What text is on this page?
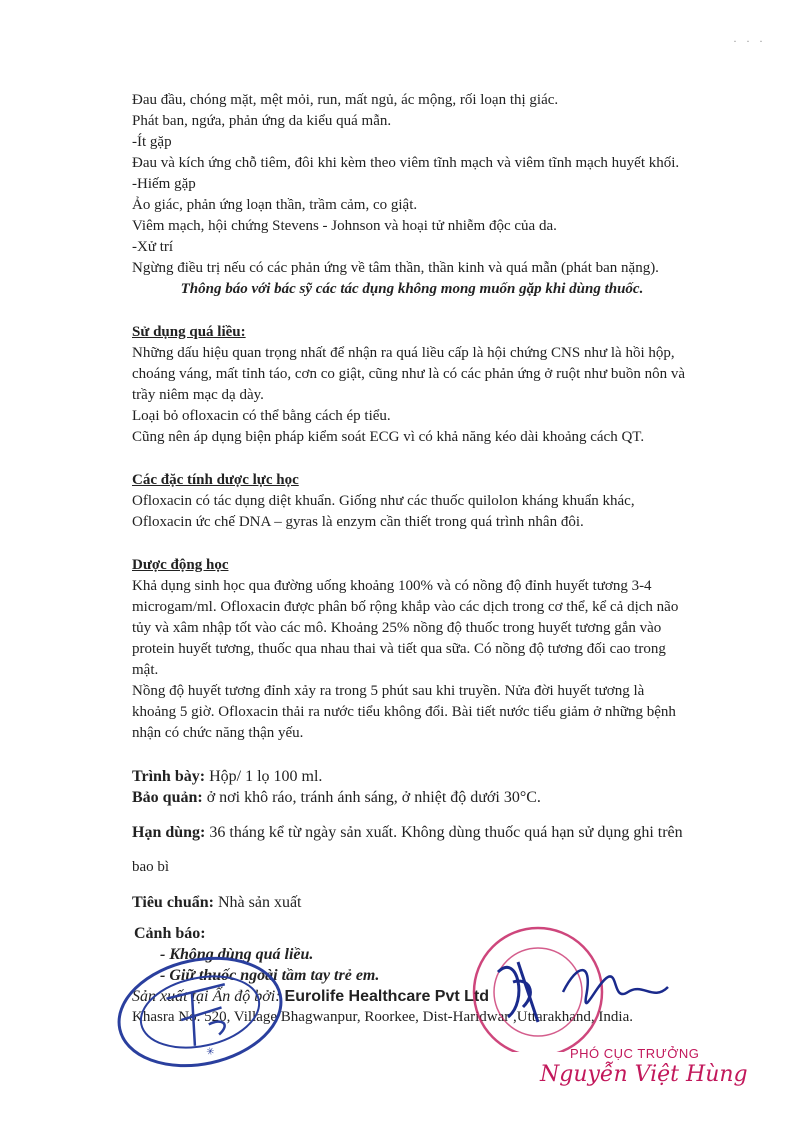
· · ·

Đau đầu, chóng mặt, mệt mỏi, run, mất ngủ, ác mộng, rối loạn thị giác.

Phát ban, ngứa, phản ứng da kiểu quá mẫn.

-Ít gặp

Đau và kích ứng chỗ tiêm, đôi khi kèm theo viêm tĩnh mạch và viêm tĩnh mạch huyết khối.

-Hiếm gặp

Ảo giác, phản ứng loạn thần, trầm cảm, co giật.

Viêm mạch, hội chứng Stevens - Johnson và hoại tử nhiễm độc của da.

-Xử trí

Ngừng điều trị nếu có các phản ứng về tâm thần, thần kinh và quá mẫn (phát ban nặng).

Thông báo với bác sỹ các tác dụng không mong muốn gặp khi dùng thuốc.

Sử dụng quá liều:

Những dấu hiệu quan trọng nhất để nhận ra quá liều cấp là hội chứng CNS như là hồi hộp, choáng váng, mất tỉnh táo, cơn co giật, cũng như là có các phản ứng ở ruột như buồn nôn và trầy niêm mạc dạ dày.

Loại bỏ ofloxacin có thể bằng cách ép tiểu.

Cũng nên áp dụng biện pháp kiểm soát ECG vì có khả năng kéo dài khoảng cách QT.

Các đặc tính dược lực học

Ofloxacin có tác dụng diệt khuẩn. Giống như các thuốc quilolon kháng khuẩn khác, Ofloxacin ức chế DNA – gyras là enzym cần thiết trong quá trình nhân đôi.

Dược động học

Khả dụng sinh học qua đường uống khoảng 100% và có nồng độ đỉnh huyết tương 3-4 microgam/ml. Ofloxacin được phân bố rộng khắp vào các dịch trong cơ thể, kể cả dịch não tủy và xâm nhập tốt vào các mô. Khoảng 25% nồng độ thuốc trong huyết tương gắn vào protein huyết tương, thuốc qua nhau thai và tiết qua sữa. Có nồng độ tương đối cao trong mật.

Nồng độ huyết tương đỉnh xảy ra trong 5 phút sau khi truyền. Nửa đời huyết tương là khoảng 5 giờ. Ofloxacin thải ra nước tiểu không đổi. Bài tiết nước tiểu giảm ở những bệnh nhận có chức năng thận yếu.

Trình bày: Hộp/ 1 lọ 100 ml.

Bảo quản: ở nơi khô ráo, tránh ánh sáng, ở nhiệt độ dưới 30°C.

Hạn dùng: 36 tháng kể từ ngày sản xuất. Không dùng thuốc quá hạn sử dụng ghi trên

bao bì

Tiêu chuẩn: Nhà sản xuất

Cảnh báo:

- Không dùng quá liều.

- Giữ thuốc ngoài tầm tay trẻ em.

Sản xuất tại Ấn độ bởi: Eurolife Healthcare Pvt Ltd

Khasra No. 520, Village Bhagwanpur, Roorkee, Dist-Haridwar ,Uttarakhand, India.

✳	PHÓ CỤC TRƯỞNG
Nguyễn Việt Hùng
